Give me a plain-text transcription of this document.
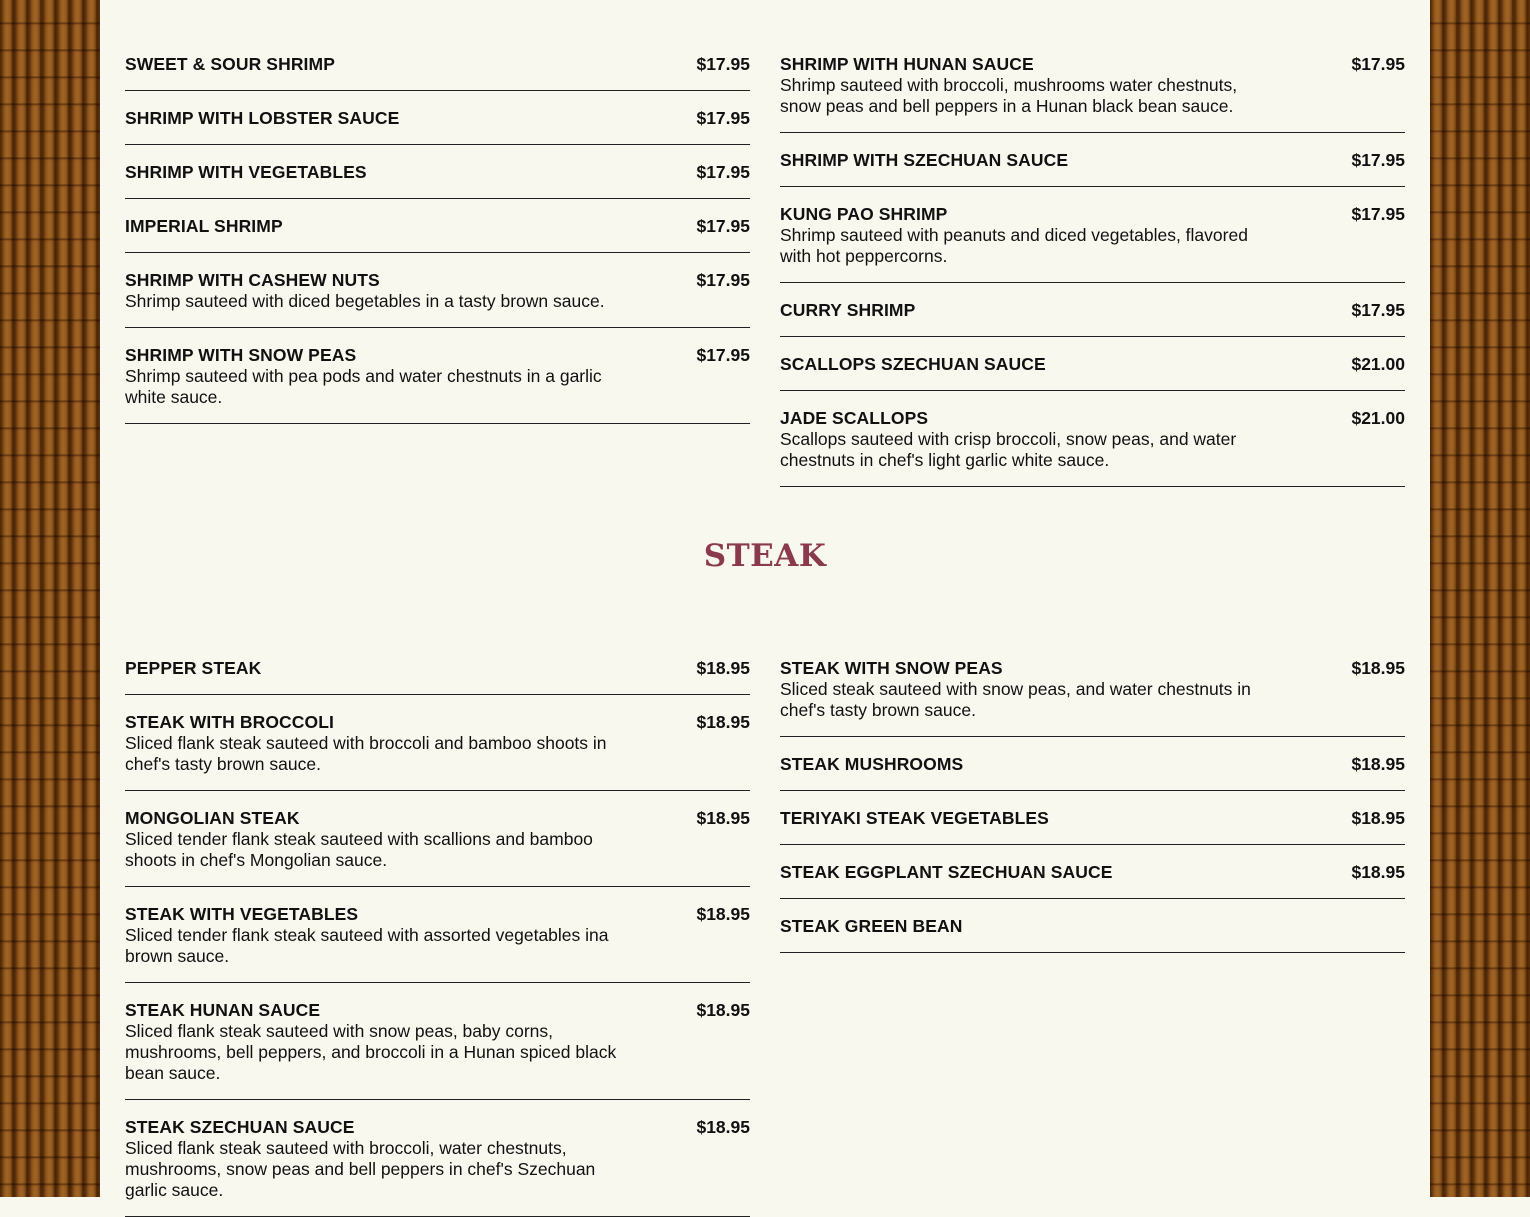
SWEET & SOUR SHRIMP	$17.95
SHRIMP WITH LOBSTER SAUCE	$17.95
SHRIMP WITH VEGETABLES	$17.95
IMPERIAL SHRIMP	$17.95
SHRIMP WITH CASHEW NUTS	$17.95
Shrimp sauteed with diced begetables in a tasty brown sauce.
SHRIMP WITH SNOW PEAS	$17.95
Shrimp sauteed with pea pods and water chestnuts in a garlic white sauce.
SHRIMP WITH HUNAN SAUCE	$17.95
Shrimp sauteed with broccoli, mushrooms water chestnuts, snow peas and bell peppers in a Hunan black bean sauce.
SHRIMP WITH SZECHUAN SAUCE	$17.95
KUNG PAO SHRIMP	$17.95
Shrimp sauteed with peanuts and diced vegetables, flavored with hot peppercorns.
CURRY SHRIMP	$17.95
SCALLOPS SZECHUAN SAUCE	$21.00
JADE SCALLOPS	$21.00
Scallops sauteed with crisp broccoli, snow peas, and water chestnuts in chef's light garlic white sauce.
STEAK
PEPPER STEAK	$18.95
STEAK WITH BROCCOLI	$18.95
Sliced flank steak sauteed with broccoli and bamboo shoots in chef's tasty brown sauce.
MONGOLIAN STEAK	$18.95
Sliced tender flank steak sauteed with scallions and bamboo shoots in chef's Mongolian sauce.
STEAK WITH VEGETABLES	$18.95
Sliced tender flank steak sauteed with assorted vegetables ina brown sauce.
STEAK HUNAN SAUCE	$18.95
Sliced flank steak sauteed with snow peas, baby corns, mushrooms, bell peppers, and broccoli in a Hunan spiced black bean sauce.
STEAK SZECHUAN SAUCE	$18.95
Sliced flank steak sauteed with broccoli, water chestnuts, mushrooms, snow peas and bell peppers in chef's Szechuan garlic sauce.
STEAK WITH SNOW PEAS	$18.95
Sliced steak sauteed with snow peas, and water chestnuts in chef's tasty brown sauce.
STEAK MUSHROOMS	$18.95
TERIYAKI STEAK VEGETABLES	$18.95
STEAK EGGPLANT SZECHUAN SAUCE	$18.95
STEAK GREEN BEAN
